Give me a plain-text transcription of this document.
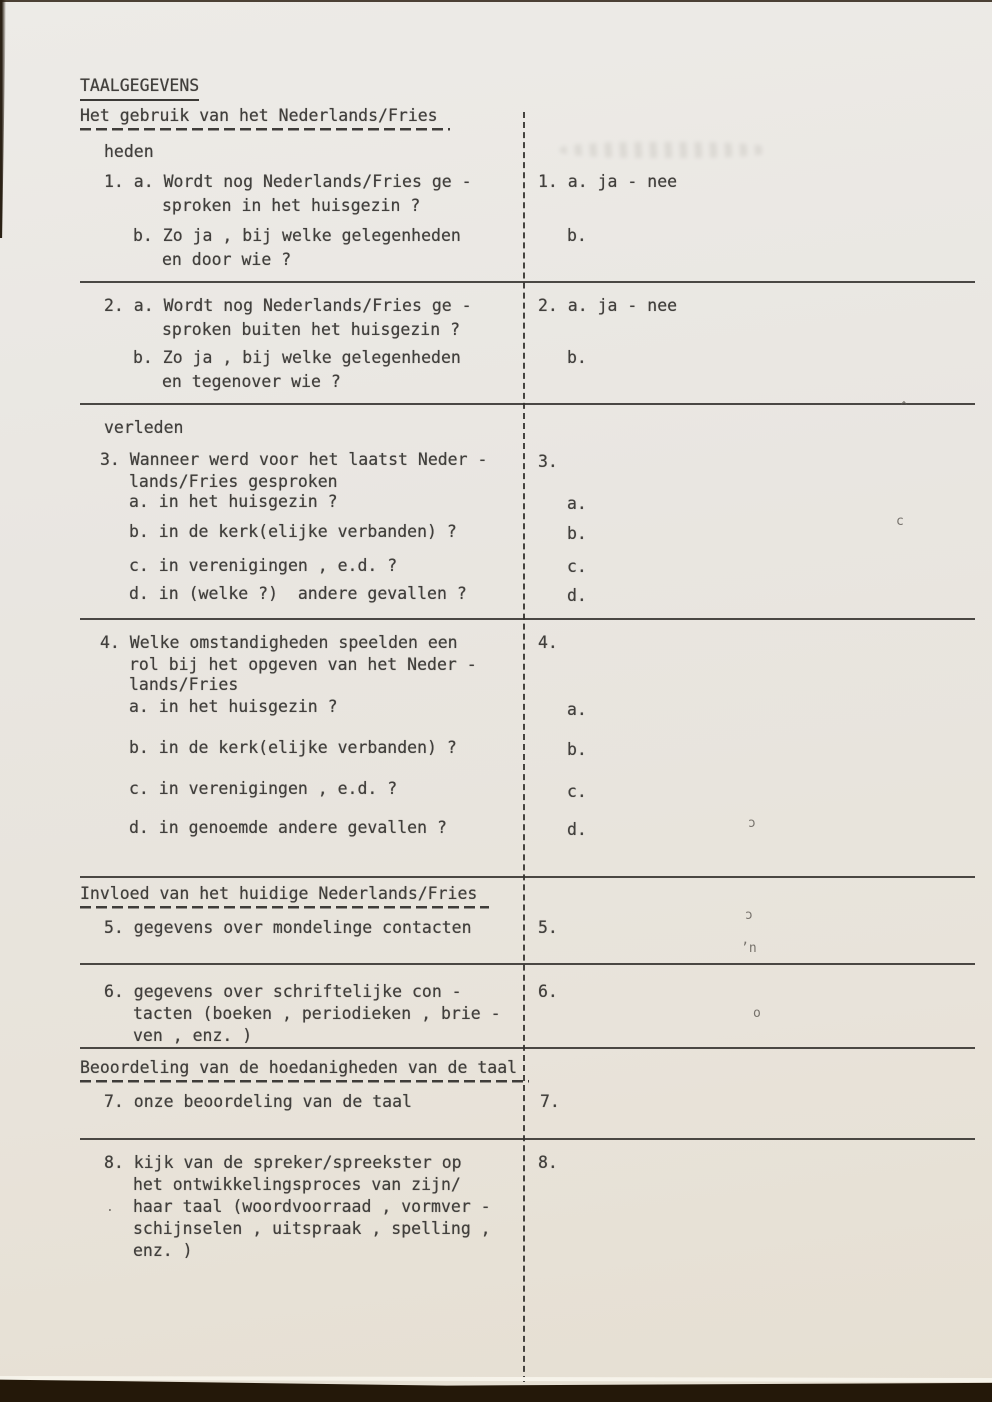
TAALGEGEVENS
Het gebruik van het Nederlands/Fries
heden
1. a. Wordt nog Nederlands/Fries ge -
sproken in het huisgezin ?
b. Zo ja , bij welke gelegenheden
en door wie ?
1. a. ja - nee
b.
2. a. Wordt nog Nederlands/Fries ge -
sproken buiten het huisgezin ?
b. Zo ja , bij welke gelegenheden
en tegenover wie ?
2. a. ja - nee
b.
verleden
3. Wanneer werd voor het laatst Neder -
lands/Fries gesproken
a. in het huisgezin ?
b. in de kerk(elijke verbanden) ?
c. in verenigingen , e.d. ?
d. in (welke ?)  andere gevallen ?
3.
a.
b.
c.
d.
4. Welke omstandigheden speelden een
rol bij het opgeven van het Neder -
lands/Fries
a. in het huisgezin ?
b. in de kerk(elijke verbanden) ?
c. in verenigingen , e.d. ?
d. in genoemde andere gevallen ?
4.
a.
b.
c.
d.
Invloed van het huidige Nederlands/Fries
5. gegevens over mondelinge contacten	5.
6. gegevens over schriftelijke con -
tacten (boeken , periodieken , brie -
ven , enz. )
6.
Beoordeling van de hoedanigheden van de taal
7. onze beoordeling van de taal	7.
8. kijk van de spreker/spreekster op
het ontwikkelingsproces van zijn/
haar taal (woordvoorraad , vormver -
schijnselen , uitspraak , spelling ,
enz. )
8.
^
c
ɔ
ɔ
ʼn
o
.
